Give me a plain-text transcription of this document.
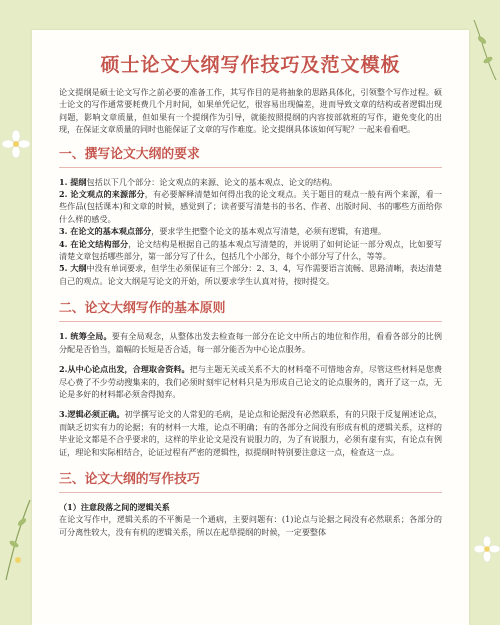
硕士论文大纲写作技巧及范文模板

论文提纲是硕士论文写作之前必要的准备工作，其写作目的是将抽象的思路具体化，引领整个写作过程。硕士论文的写作通常要耗费几个月时间，如果单凭记忆，很容易出现偏差，进而导致文章的结构或者逻辑出现问题，影响文章质量，但如果有一个提纲作为引导，就能按照提纲的内容按部就班的写作，避免变化的出现，在保证文章质量的同时也能保证了文章的写作难度。论文提纲具体该如何写呢？一起来看看吧。

一、撰写论文大纲的要求

1. 提纲包括以下几个部分：论文观点的来源、论文的基本观点、论文的结构。

2. 论文观点的来源部分，有必要解释清楚如何得出我的论文观点。关于题目的观点一般有两个来源，看一些作品(包括课本)和文章的时候，感觉到了；读者要写清楚书的书名、作者、出版时间、书的哪些方面给你什么样的感受。

3. 在论文的基本观点部分，要求学生把整个论文的基本观点写清楚，必须有逻辑，有道理。

4. 在论文结构部分，论文结构是根据自己的基本观点写清楚的，并说明了如何论证一部分观点，比如要写清楚文章包括哪些部分，第一部分写了什么，包括几个小部分，每个小部分写了什么，等等。

5. 大纲中没有单词要求，但学生必须保证有三个部分：2、3、4，写作需要语言流畅、思路清晰，表达清楚自己的观点。论文大纲是写论文的开始，所以要求学生认真对待，按时提交。

二、论文大纲写作的基本原则

1. 统筹全局。要有全局观念，从整体出发去检查每一部分在论文中所占的地位和作用，看看各部分的比例分配是否恰当，篇幅的长短是否合适，每一部分能否为中心论点服务。

2.从中心论点出发，合理取舍资料。把与主题无关或关系不大的材料毫不可惜地舍弃，尽管这些材料是您费尽心费了不少劳动搜集来的，我们必须时刻牢记材料只是为形成自己论文的论点服务的，离开了这一点，无论是多好的材料都必须舍得抛弃。

3.逻辑必须正确。初学撰写论文的人常犯的毛病，是论点和论据没有必然联系，有的只限于反复阐述论点，而缺乏切实有力的论据；有的材料一大堆，论点不明确；有的各部分之间没有形成有机的逻辑关系，这样的毕业论文都是不合乎要求的，这样的毕业论文是没有说服力的，为了有说服力，必须有虚有实，有论点有例证，理论和实际相结合，论证过程有严密的逻辑性，拟提纲时特别要注意这一点，检查这一点。

三、论文大纲的写作技巧

（1）注意段落之间的逻辑关系

在论文写作中，逻辑关系的不平衡是一个通病，主要问题有：(1)论点与论据之间没有必然联系；各部分的可分离性较大，没有有机的逻辑关系，所以在起草提纲的时候，一定要整体
